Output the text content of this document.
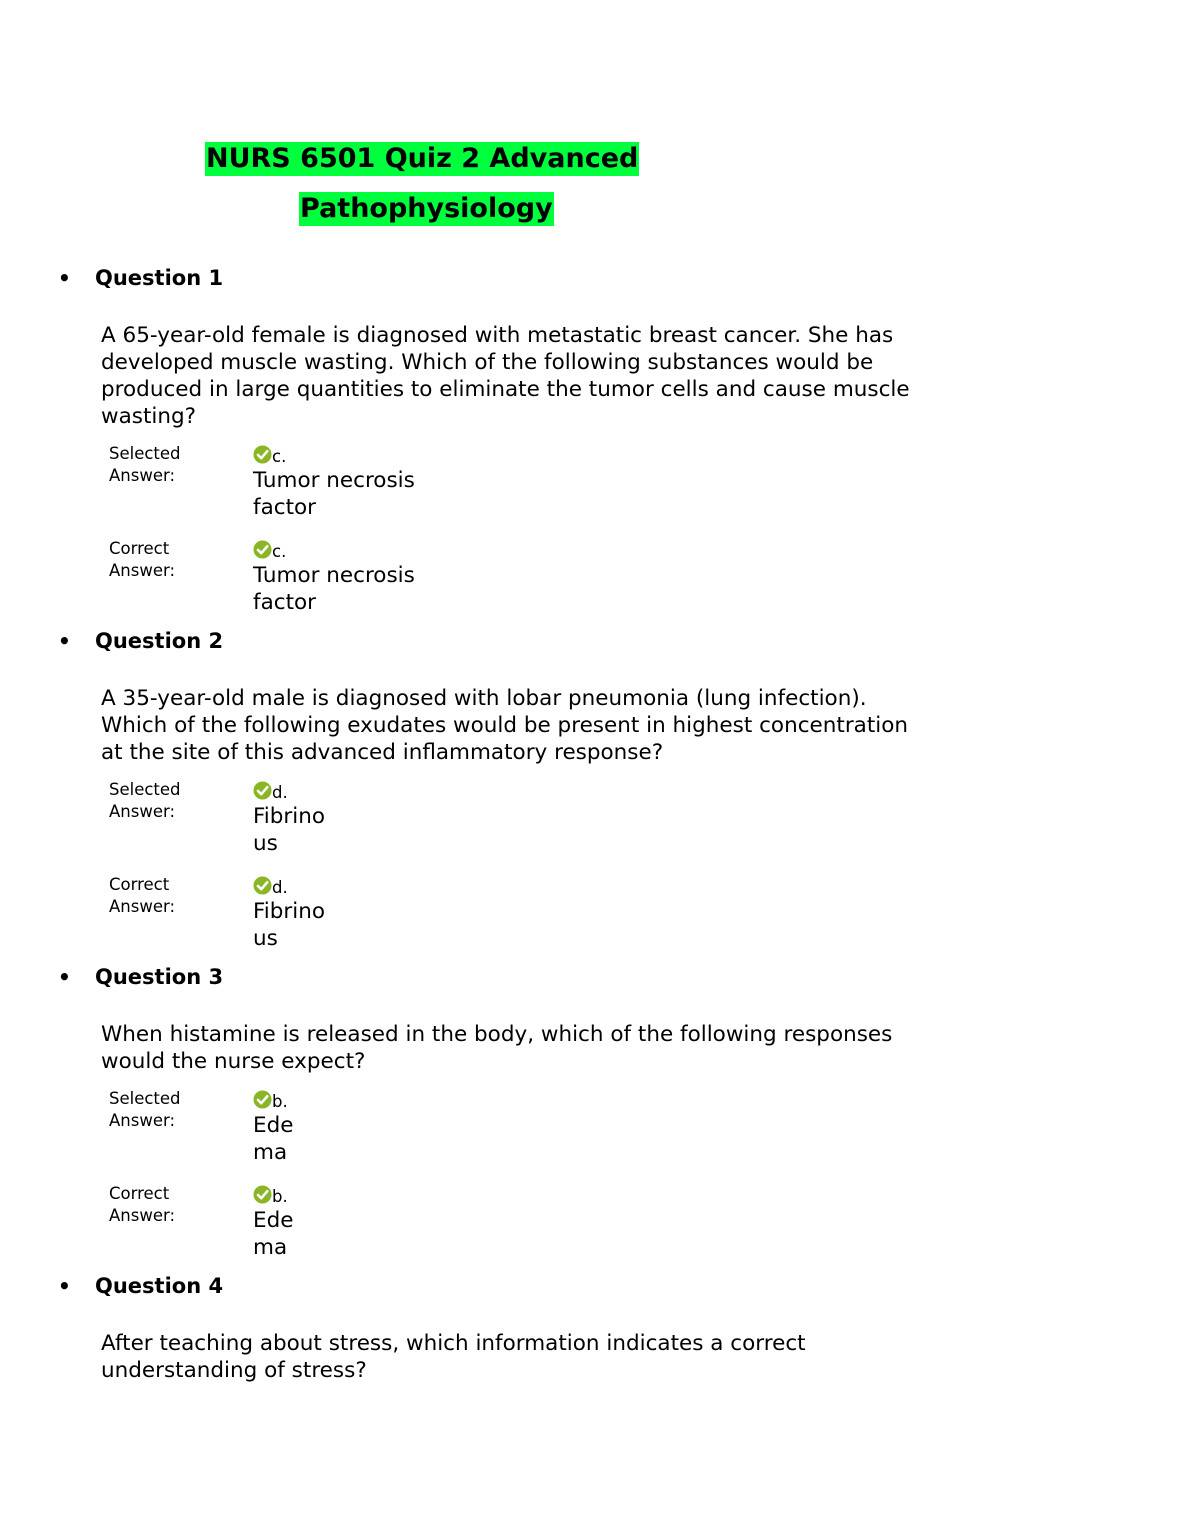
NURS 6501 Quiz 2 Advanced
Pathophysiology
• Question 1
A 65-year-old female is diagnosed with metastatic breast cancer. She has
developed muscle wasting. Which of the following substances would be
produced in large quantities to eliminate the tumor cells and cause muscle
wasting?
Selected
Answer:
c.
Tumor necrosis
factor
Correct
Answer:
c.
Tumor necrosis
factor
• Question 2
A 35-year-old male is diagnosed with lobar pneumonia (lung infection).
Which of the following exudates would be present in highest concentration
at the site of this advanced inflammatory response?
Selected
Answer:
d.
Fibrino
us
Correct
Answer:
d.
Fibrino
us
• Question 3
When histamine is released in the body, which of the following responses
would the nurse expect?
Selected
Answer:
b.
Ede
ma
Correct
Answer:
b.
Ede
ma
• Question 4
After teaching about stress, which information indicates a correct
understanding of stress?
